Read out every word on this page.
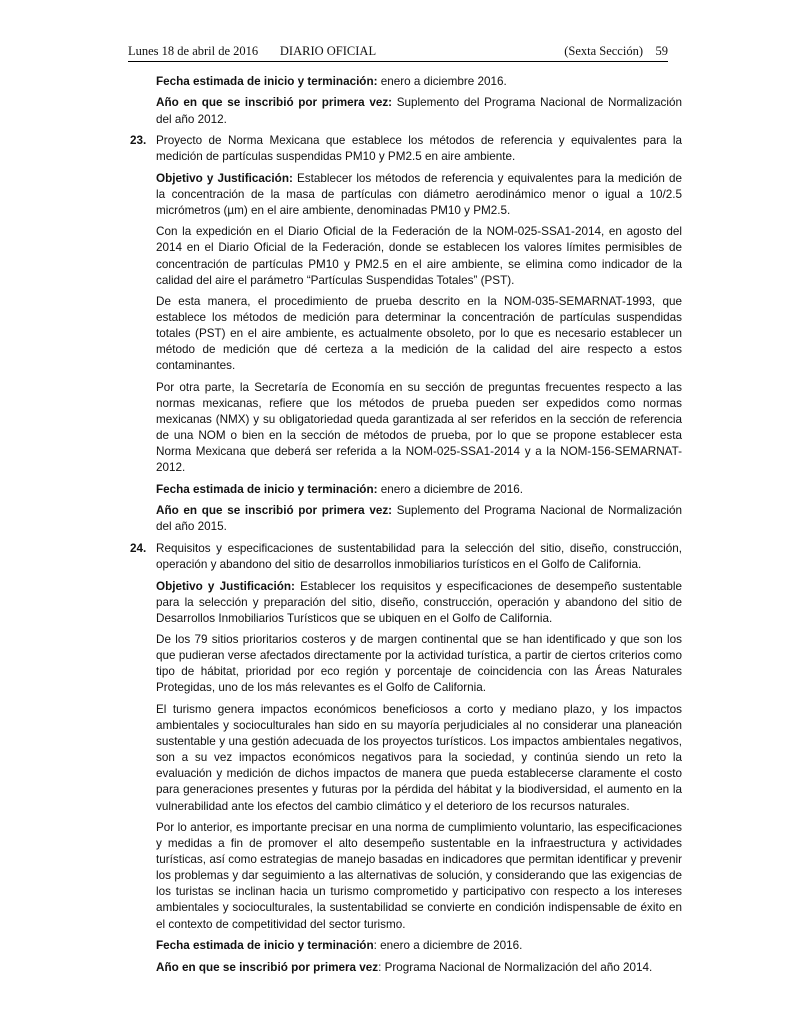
Lunes 18 de abril de 2016	DIARIO OFICIAL	(Sexta Sección) 59

Fecha estimada de inicio y terminación: enero a diciembre 2016.

Año en que se inscribió por primera vez: Suplemento del Programa Nacional de Normalización del año 2012.

23. Proyecto de Norma Mexicana que establece los métodos de referencia y equivalentes para la medición de partículas suspendidas PM10 y PM2.5 en aire ambiente.

Objetivo y Justificación: Establecer los métodos de referencia y equivalentes para la medición de la concentración de la masa de partículas con diámetro aerodinámico menor o igual a 10/2.5 micrómetros (µm) en el aire ambiente, denominadas PM10 y PM2.5.

Con la expedición en el Diario Oficial de la Federación de la NOM-025-SSA1-2014, en agosto del 2014 en el Diario Oficial de la Federación, donde se establecen los valores límites permisibles de concentración de partículas PM10 y PM2.5 en el aire ambiente, se elimina como indicador de la calidad del aire el parámetro “Partículas Suspendidas Totales” (PST).

De esta manera, el procedimiento de prueba descrito en la NOM-035-SEMARNAT-1993, que establece los métodos de medición para determinar la concentración de partículas suspendidas totales (PST) en el aire ambiente, es actualmente obsoleto, por lo que es necesario establecer un método de medición que dé certeza a la medición de la calidad del aire respecto a estos contaminantes.

Por otra parte, la Secretaría de Economía en su sección de preguntas frecuentes respecto a las normas mexicanas, refiere que los métodos de prueba pueden ser expedidos como normas mexicanas (NMX) y su obligatoriedad queda garantizada al ser referidos en la sección de referencia de una NOM o bien en la sección de métodos de prueba, por lo que se propone establecer esta Norma Mexicana que deberá ser referida a la NOM-025-SSA1-2014 y a la NOM-156-SEMARNAT-2012.

Fecha estimada de inicio y terminación: enero a diciembre de 2016.

Año en que se inscribió por primera vez: Suplemento del Programa Nacional de Normalización del año 2015.

24. Requisitos y especificaciones de sustentabilidad para la selección del sitio, diseño, construcción, operación y abandono del sitio de desarrollos inmobiliarios turísticos en el Golfo de California.

Objetivo y Justificación: Establecer los requisitos y especificaciones de desempeño sustentable para la selección y preparación del sitio, diseño, construcción, operación y abandono del sitio de Desarrollos Inmobiliarios Turísticos que se ubiquen en el Golfo de California.

De los 79 sitios prioritarios costeros y de margen continental que se han identificado y que son los que pudieran verse afectados directamente por la actividad turística, a partir de ciertos criterios como tipo de hábitat, prioridad por eco región y porcentaje de coincidencia con las Áreas Naturales Protegidas, uno de los más relevantes es el Golfo de California.

El turismo genera impactos económicos beneficiosos a corto y mediano plazo, y los impactos ambientales y socioculturales han sido en su mayoría perjudiciales al no considerar una planeación sustentable y una gestión adecuada de los proyectos turísticos. Los impactos ambientales negativos, son a su vez impactos económicos negativos para la sociedad, y continúa siendo un reto la evaluación y medición de dichos impactos de manera que pueda establecerse claramente el costo para generaciones presentes y futuras por la pérdida del hábitat y la biodiversidad, el aumento en la vulnerabilidad ante los efectos del cambio climático y el deterioro de los recursos naturales.

Por lo anterior, es importante precisar en una norma de cumplimiento voluntario, las especificaciones y medidas a fin de promover el alto desempeño sustentable en la infraestructura y actividades turísticas, así como estrategias de manejo basadas en indicadores que permitan identificar y prevenir los problemas y dar seguimiento a las alternativas de solución, y considerando que las exigencias de los turistas se inclinan hacia un turismo comprometido y participativo con respecto a los intereses ambientales y socioculturales, la sustentabilidad se convierte en condición indispensable de éxito en el contexto de competitividad del sector turismo.

Fecha estimada de inicio y terminación: enero a diciembre de 2016.

Año en que se inscribió por primera vez: Programa Nacional de Normalización del año 2014.
